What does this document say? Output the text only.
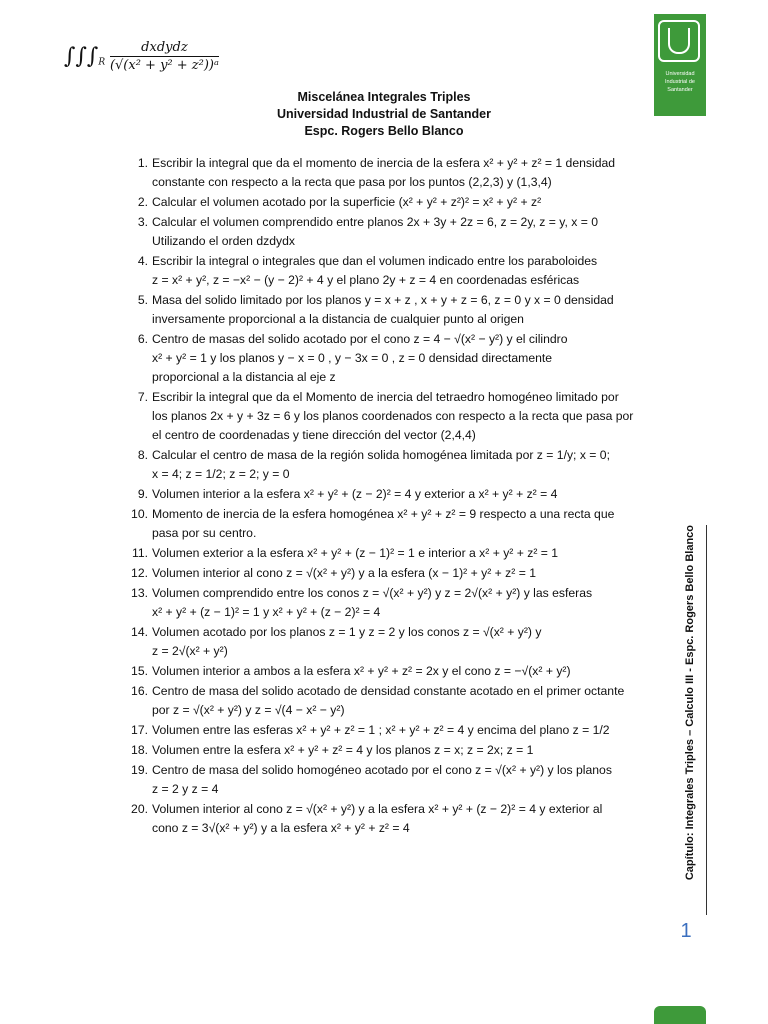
$\int\int\int_R \frac{\text{dxdydz}}{\text{(√(x² + y² + z²))ᵃ}}$
Universidad
Industrial de
Santander
Miscelánea Integrales Triples
Universidad Industrial de Santander
Espc. Rogers Bello Blanco
1. Escribir la integral que da el momento de inercia de la esfera x² + y² + z² = 1 densidad
constante con respecto a la recta que pasa por los puntos (2,2,3) y (1,3,4)
2. Calcular el volumen acotado por la superficie (x² + y² + z²)² = x² + y² + z²
3. Calcular el volumen comprendido entre planos 2x + 3y + 2z = 6, z = 2y, z = y, x = 0
Utilizando el orden dzdydx
4. Escribir la integral o integrales que dan el volumen indicado entre los paraboloides
z = x² + y², z = −x² − (y − 2)² + 4 y el plano 2y + z = 4 en coordenadas esféricas
5. Masa del solido limitado por los planos y = x + z , x + y + z = 6, z = 0 y x = 0 densidad
inversamente proporcional a la distancia de cualquier punto al origen
6. Centro de masas del solido acotado por el cono z = 4 − √(x² − y²) y el cilindro
x² + y² = 1 y los planos y − x = 0 , y − 3x = 0 , z = 0 densidad directamente
proporcional a la distancia al eje z
7. Escribir la integral que da el Momento de inercia del tetraedro homogéneo limitado por
los planos 2x + y + 3z = 6 y los planos coordenados con respecto a la recta que pasa por
el centro de coordenadas y tiene dirección del vector (2,4,4)
8. Calcular el centro de masa de la región solida homogénea limitada por z = 1/y; x = 0;
x = 4; z = 1/2; z = 2; y = 0
9. Volumen interior a la esfera x² + y² + (z − 2)² = 4 y exterior a x² + y² + z² = 4
10. Momento de inercia de la esfera homogénea x² + y² + z² = 9 respecto a una recta que
pasa por su centro.
11. Volumen exterior a la esfera x² + y² + (z − 1)² = 1 e interior a x² + y² + z² = 1
12. Volumen interior al cono z = √(x² + y²) y a la esfera (x − 1)² + y² + z² = 1
13. Volumen comprendido entre los conos z = √(x² + y²) y z = 2√(x² + y²) y las esferas
x² + y² + (z − 1)² = 1 y x² + y² + (z − 2)² = 4
14. Volumen acotado por los planos z = 1 y z = 2 y los conos z = √(x² + y²) y
z = 2√(x² + y²)
15. Volumen interior a ambos a la esfera x² + y² + z² = 2x y el cono z = −√(x² + y²)
16. Centro de masa del solido acotado de densidad constante acotado en el primer octante
por z = √(x² + y²) y z = √(4 − x² − y²)
17. Volumen entre las esferas x² + y² + z² = 1 ; x² + y² + z² = 4 y encima del plano z = 1/2
18. Volumen entre la esfera x² + y² + z² = 4 y los planos z = x; z = 2x; z = 1
19. Centro de masa del solido homogéneo acotado por el cono z = √(x² + y²) y los planos
z = 2 y z = 4
20. Volumen interior al cono z = √(x² + y²) y a la esfera x² + y² + (z − 2)² = 4 y exterior al
cono z = 3√(x² + y²) y a la esfera x² + y² + z² = 4	Capítulo: Integrales Triples – Calculo III - Espc. Rogers Bello Blanco
1
